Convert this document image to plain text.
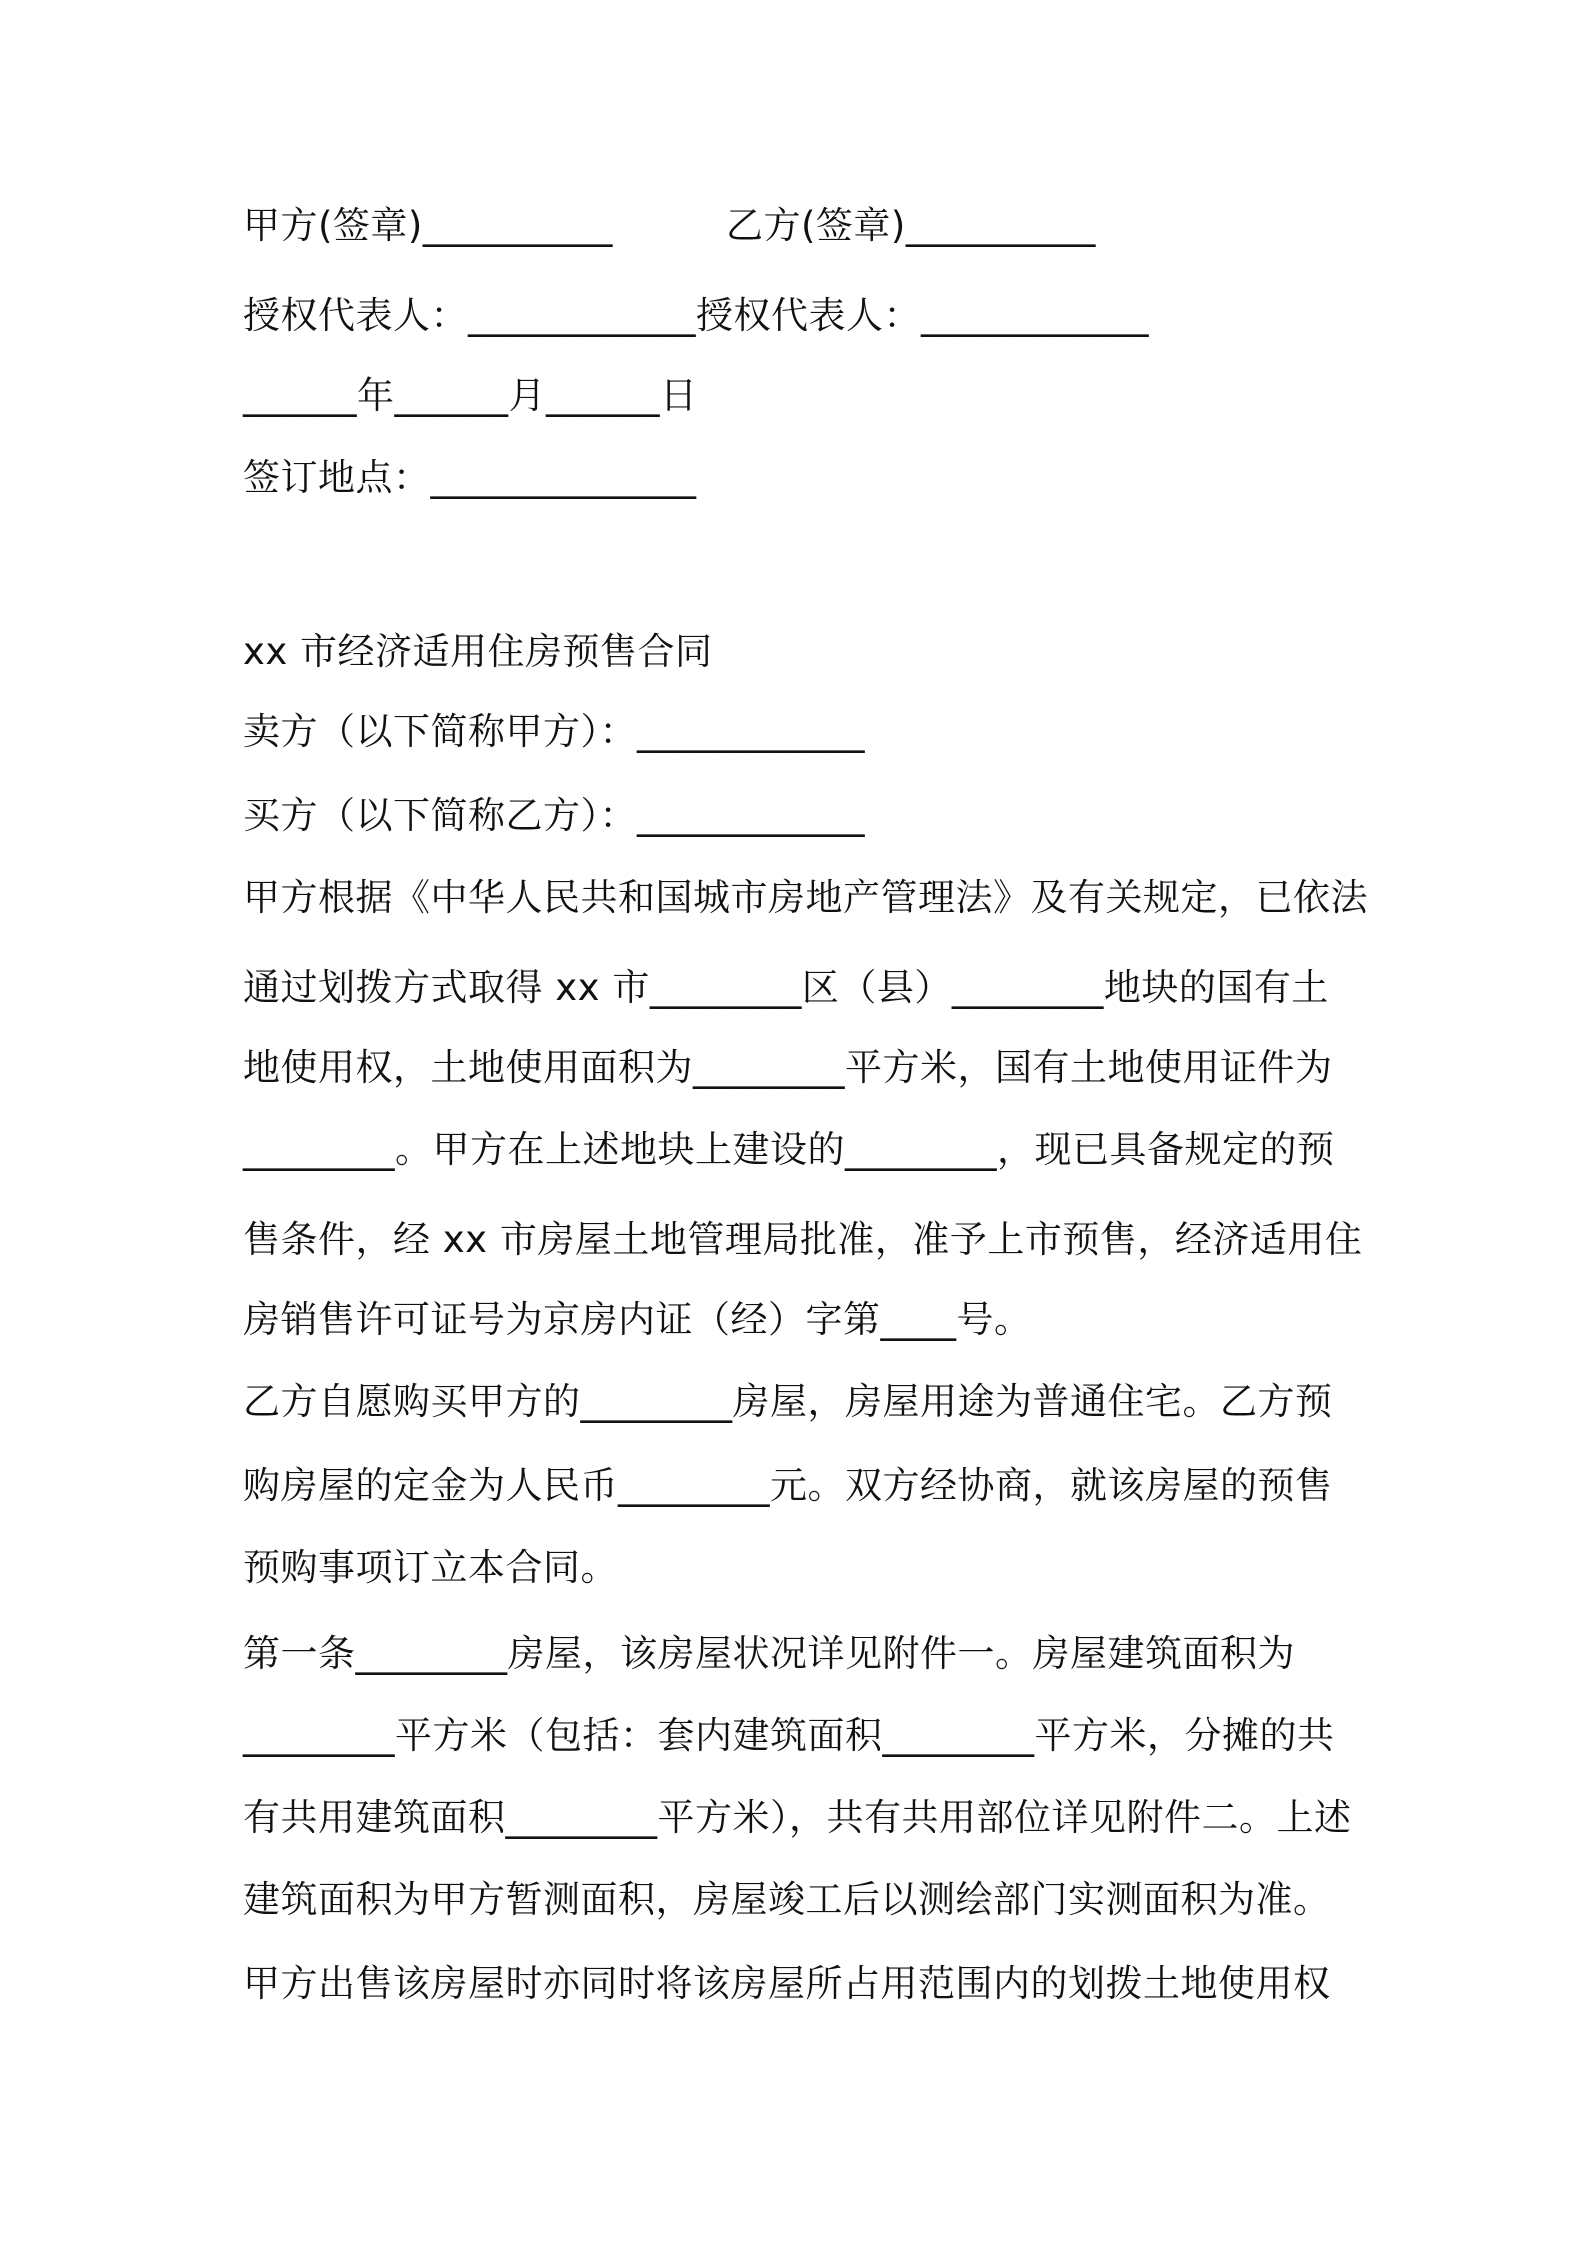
甲方(签章)__________	乙方(签章)__________
授权代表人：____________授权代表人：____________
______年______月______日
签订地点：______________
xx 市经济适用住房预售合同
卖方（以下简称甲方）：____________
买方（以下简称乙方）：____________
甲方根据《中华人民共和国城市房地产管理法》及有关规定，已依法
通过划拨方式取得 xx 市________区（县）________地块的国有土
地使用权，土地使用面积为________平方米，国有土地使用证件为
________。甲方在上述地块上建设的________，现已具备规定的预
售条件，经 xx 市房屋土地管理局批准，准予上市预售，经济适用住
房销售许可证号为京房内证（经）字第____号。
乙方自愿购买甲方的________房屋，房屋用途为普通住宅。乙方预
购房屋的定金为人民币________元。双方经协商，就该房屋的预售
预购事项订立本合同。
第一条________房屋，该房屋状况详见附件一。房屋建筑面积为
________平方米（包括：套内建筑面积________平方米，分摊的共
有共用建筑面积________平方米），共有共用部位详见附件二。上述
建筑面积为甲方暂测面积，房屋竣工后以测绘部门实测面积为准。
甲方出售该房屋时亦同时将该房屋所占用范围内的划拨土地使用权
